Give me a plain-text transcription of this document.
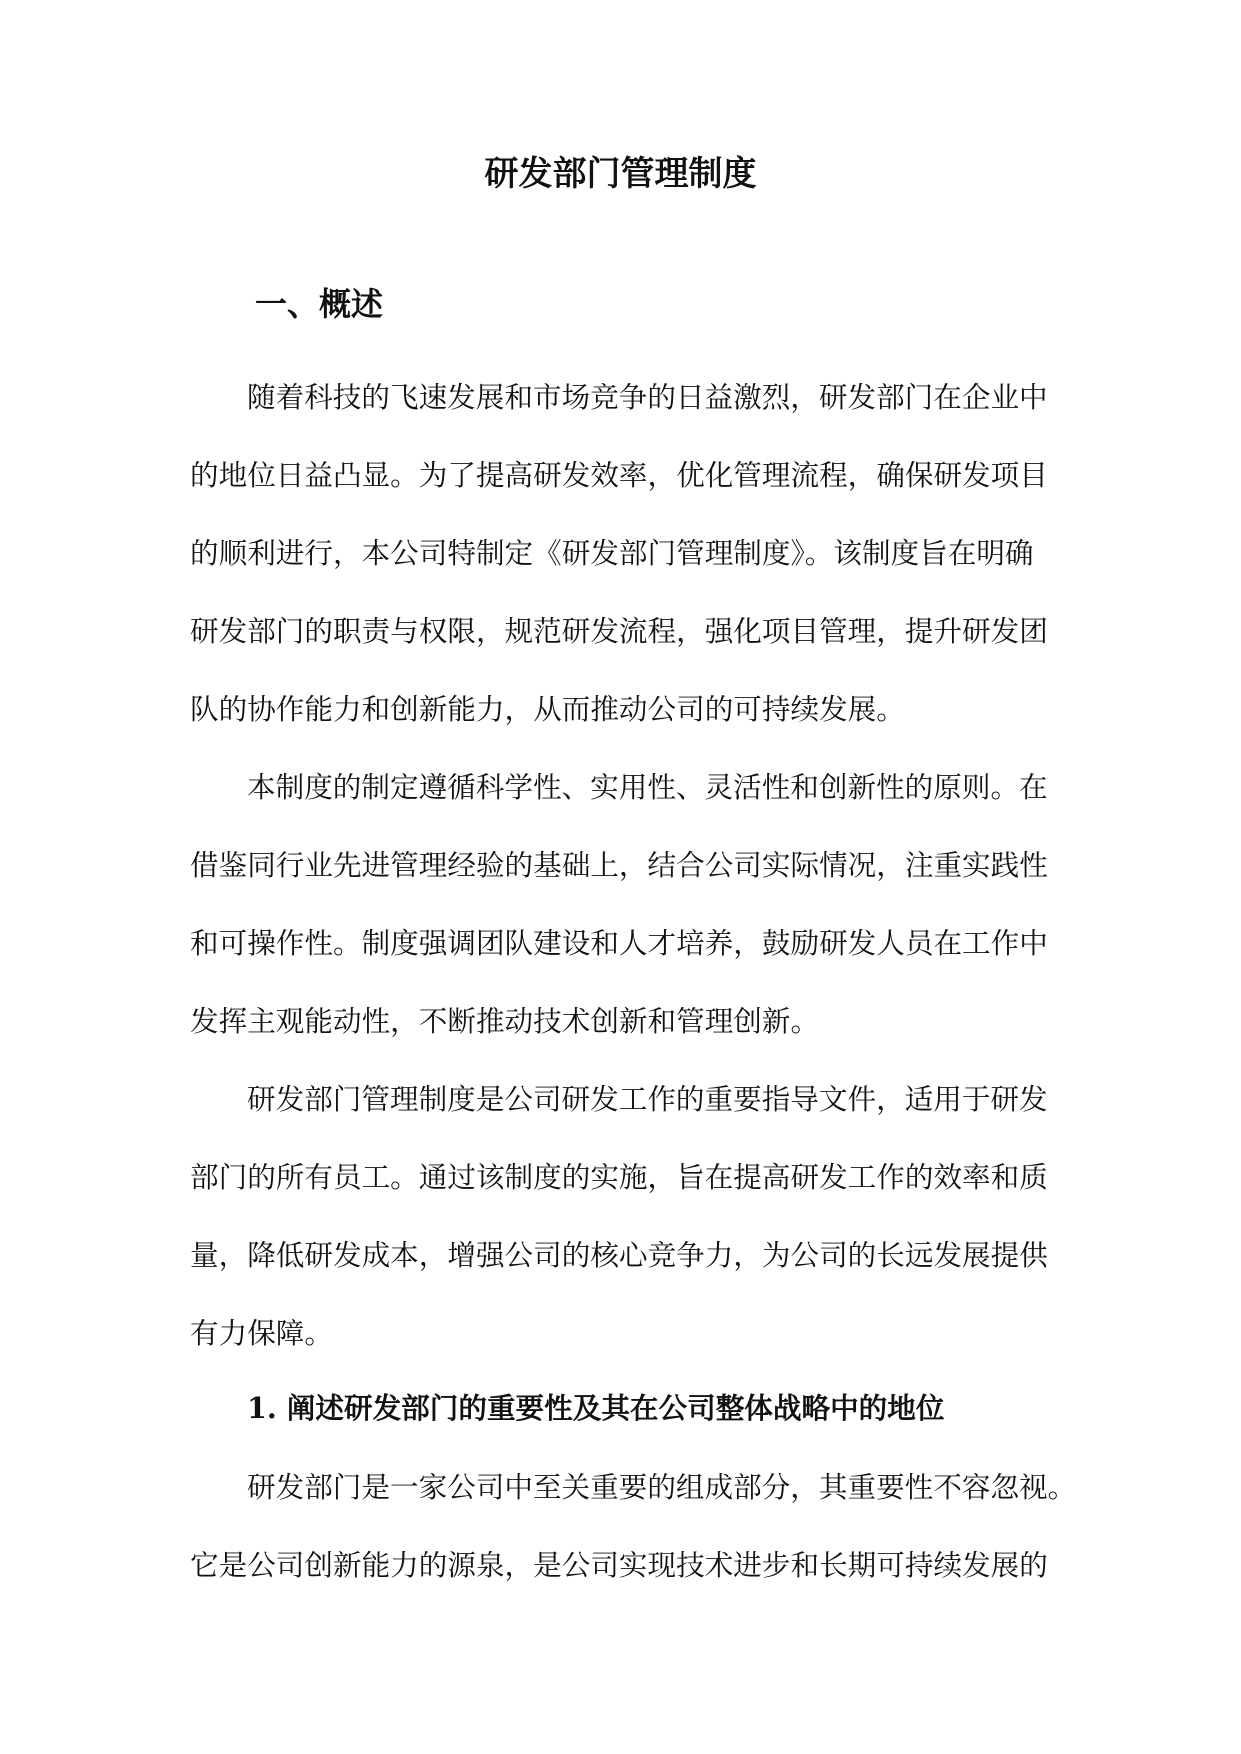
研发部门管理制度
一、概述

随着科技的飞速发展和市场竞争的日益激烈，研发部门在企业中
的地位日益凸显。为了提高研发效率，优化管理流程，确保研发项目
的顺利进行，本公司特制定《研发部门管理制度》。该制度旨在明确
研发部门的职责与权限，规范研发流程，强化项目管理，提升研发团
队的协作能力和创新能力，从而推动公司的可持续发展。

本制度的制定遵循科学性、实用性、灵活性和创新性的原则。在
借鉴同行业先进管理经验的基础上，结合公司实际情况，注重实践性
和可操作性。制度强调团队建设和人才培养，鼓励研发人员在工作中
发挥主观能动性，不断推动技术创新和管理创新。

研发部门管理制度是公司研发工作的重要指导文件，适用于研发
部门的所有员工。通过该制度的实施，旨在提高研发工作的效率和质
量，降低研发成本，增强公司的核心竞争力，为公司的长远发展提供
有力保障。

1. 阐述研发部门的重要性及其在公司整体战略中的地位

研发部门是一家公司中至关重要的组成部分，其重要性不容忽视。
它是公司创新能力的源泉，是公司实现技术进步和长期可持续发展的
